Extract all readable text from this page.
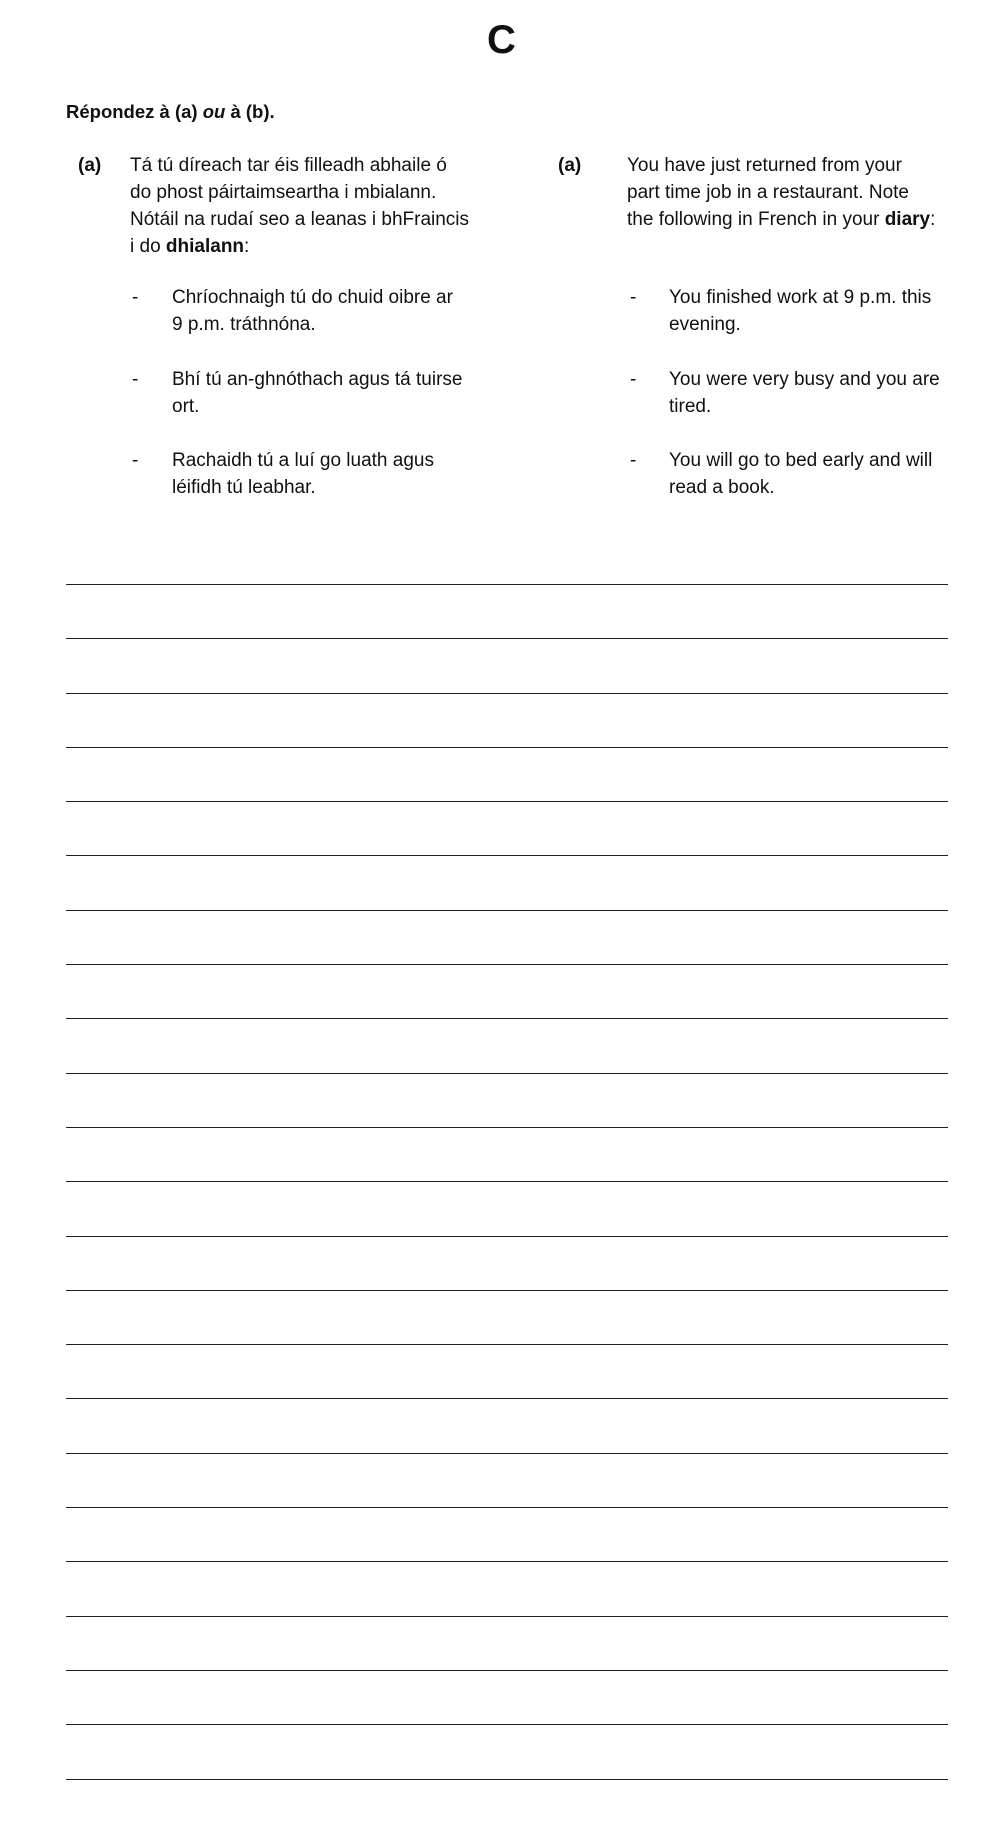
C
Répondez à (a) ou à (b).
(a) Tá tú díreach tar éis filleadh abhaile ó
do phost páirtaimseartha i mbialann.
Nótáil na rudaí seo a leanas i bhFraincis
i do dhialann:
- Chríochnaigh tú do chuid oibre ar
9 p.m. tráthnóna.
- Bhí tú an-ghnóthach agus tá tuirse
ort.
- Rachaidh tú a luí go luath agus
léifidh tú leabhar.
(a) You have just returned from your
part time job in a restaurant. Note
the following in French in your diary:
- You finished work at 9 p.m. this
evening.
- You were very busy and you are
tired.
- You will go to bed early and will
read a book.
